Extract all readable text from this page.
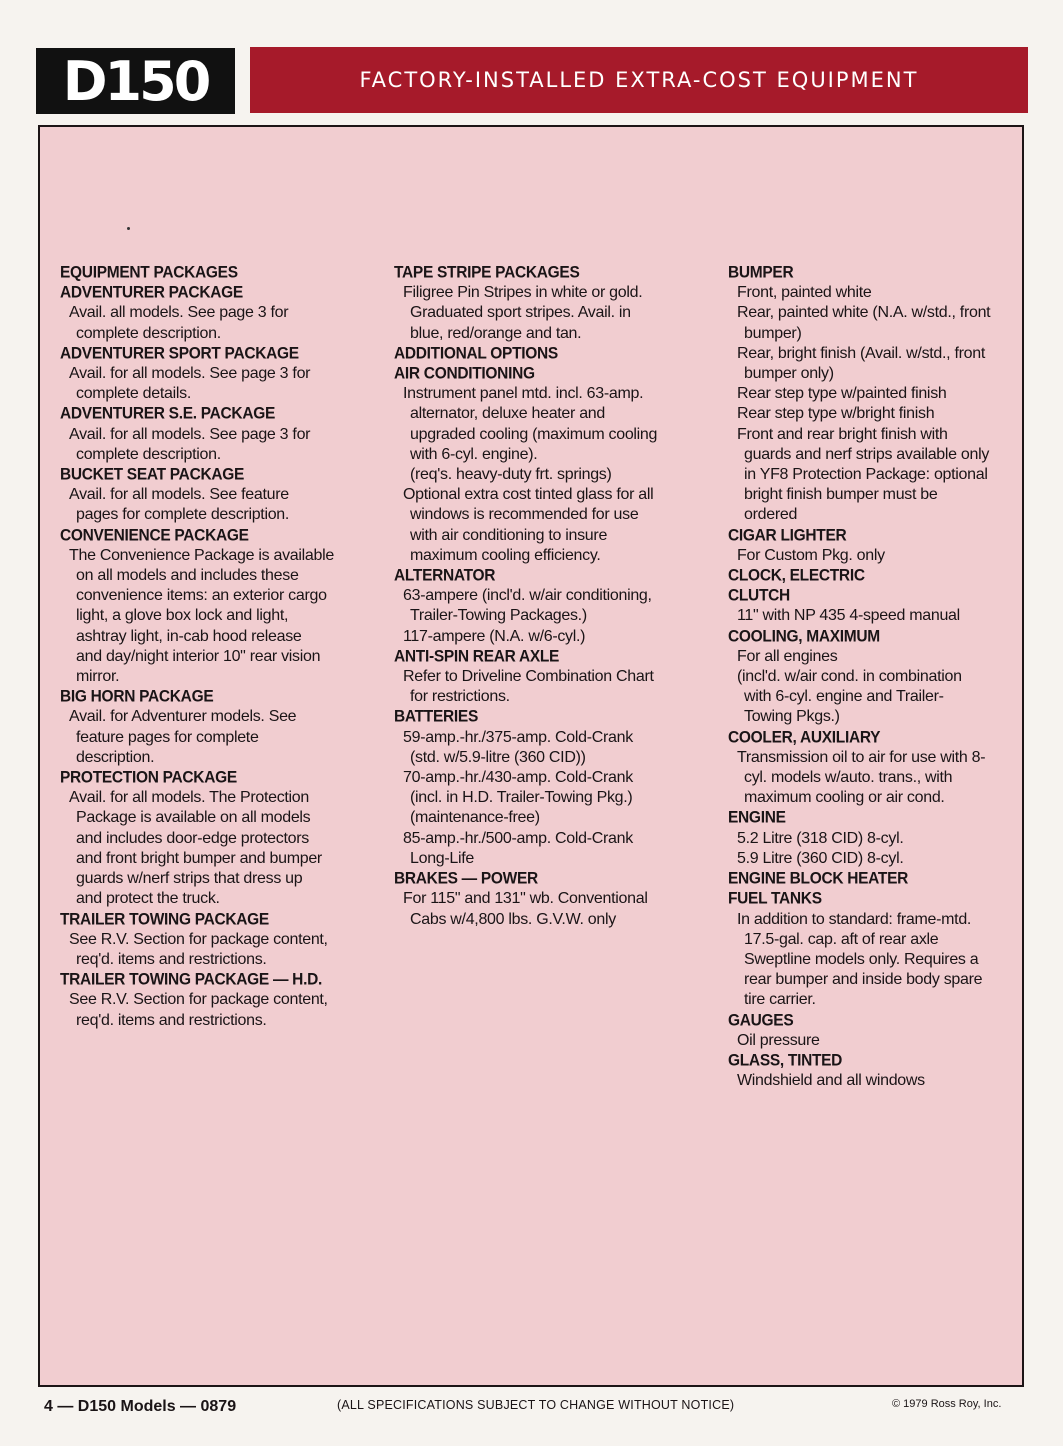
D150	FACTORY-INSTALLED EXTRA-COST EQUIPMENT
EQUIPMENT PACKAGES
ADVENTURER PACKAGE
Avail. all models. See page 3 for
complete description.
ADVENTURER SPORT PACKAGE
Avail. for all models. See page 3 for
complete details.
ADVENTURER S.E. PACKAGE
Avail. for all models. See page 3 for
complete description.
BUCKET SEAT PACKAGE
Avail. for all models. See feature
pages for complete description.
CONVENIENCE PACKAGE
The Convenience Package is available
on all models and includes these
convenience items: an exterior cargo
light, a glove box lock and light,
ashtray light, in-cab hood release
and day/night interior 10" rear vision
mirror.
BIG HORN PACKAGE
Avail. for Adventurer models. See
feature pages for complete
description.
PROTECTION PACKAGE
Avail. for all models. The Protection
Package is available on all models
and includes door-edge protectors
and front bright bumper and bumper
guards w/nerf strips that dress up
and protect the truck.
TRAILER TOWING PACKAGE
See R.V. Section for package content,
req'd. items and restrictions.
TRAILER TOWING PACKAGE — H.D.
See R.V. Section for package content,
req'd. items and restrictions.
TAPE STRIPE PACKAGES
Filigree Pin Stripes in white or gold.
Graduated sport stripes. Avail. in
blue, red/orange and tan.
ADDITIONAL OPTIONS
AIR CONDITIONING
Instrument panel mtd. incl. 63-amp.
alternator, deluxe heater and
upgraded cooling (maximum cooling
with 6-cyl. engine).
(req's. heavy-duty frt. springs)
Optional extra cost tinted glass for all
windows is recommended for use
with air conditioning to insure
maximum cooling efficiency.
ALTERNATOR
63-ampere (incl'd. w/air conditioning,
Trailer-Towing Packages.)
117-ampere (N.A. w/6-cyl.)
ANTI-SPIN REAR AXLE
Refer to Driveline Combination Chart
for restrictions.
BATTERIES
59-amp.-hr./375-amp. Cold-Crank
(std. w/5.9-litre (360 CID))
70-amp.-hr./430-amp. Cold-Crank
(incl. in H.D. Trailer-Towing Pkg.)
(maintenance-free)
85-amp.-hr./500-amp. Cold-Crank
Long-Life
BRAKES — POWER
For 115" and 131" wb. Conventional
Cabs w/4,800 lbs. G.V.W. only
BUMPER
Front, painted white
Rear, painted white (N.A. w/std., front
bumper)
Rear, bright finish (Avail. w/std., front
bumper only)
Rear step type w/painted finish
Rear step type w/bright finish
Front and rear bright finish with
guards and nerf strips available only
in YF8 Protection Package: optional
bright finish bumper must be
ordered
CIGAR LIGHTER
For Custom Pkg. only
CLOCK, ELECTRIC
CLUTCH
11" with NP 435 4-speed manual
COOLING, MAXIMUM
For all engines
(incl'd. w/air cond. in combination
with 6-cyl. engine and Trailer-
Towing Pkgs.)
COOLER, AUXILIARY
Transmission oil to air for use with 8-
cyl. models w/auto. trans., with
maximum cooling or air cond.
ENGINE
5.2 Litre (318 CID) 8-cyl.
5.9 Litre (360 CID) 8-cyl.
ENGINE BLOCK HEATER
FUEL TANKS
In addition to standard: frame-mtd.
17.5-gal. cap. aft of rear axle
Sweptline models only. Requires a
rear bumper and inside body spare
tire carrier.
GAUGES
Oil pressure
GLASS, TINTED
Windshield and all windows
4 — D150 Models — 0879	(ALL SPECIFICATIONS SUBJECT TO CHANGE WITHOUT NOTICE)	© 1979 Ross Roy, Inc.
